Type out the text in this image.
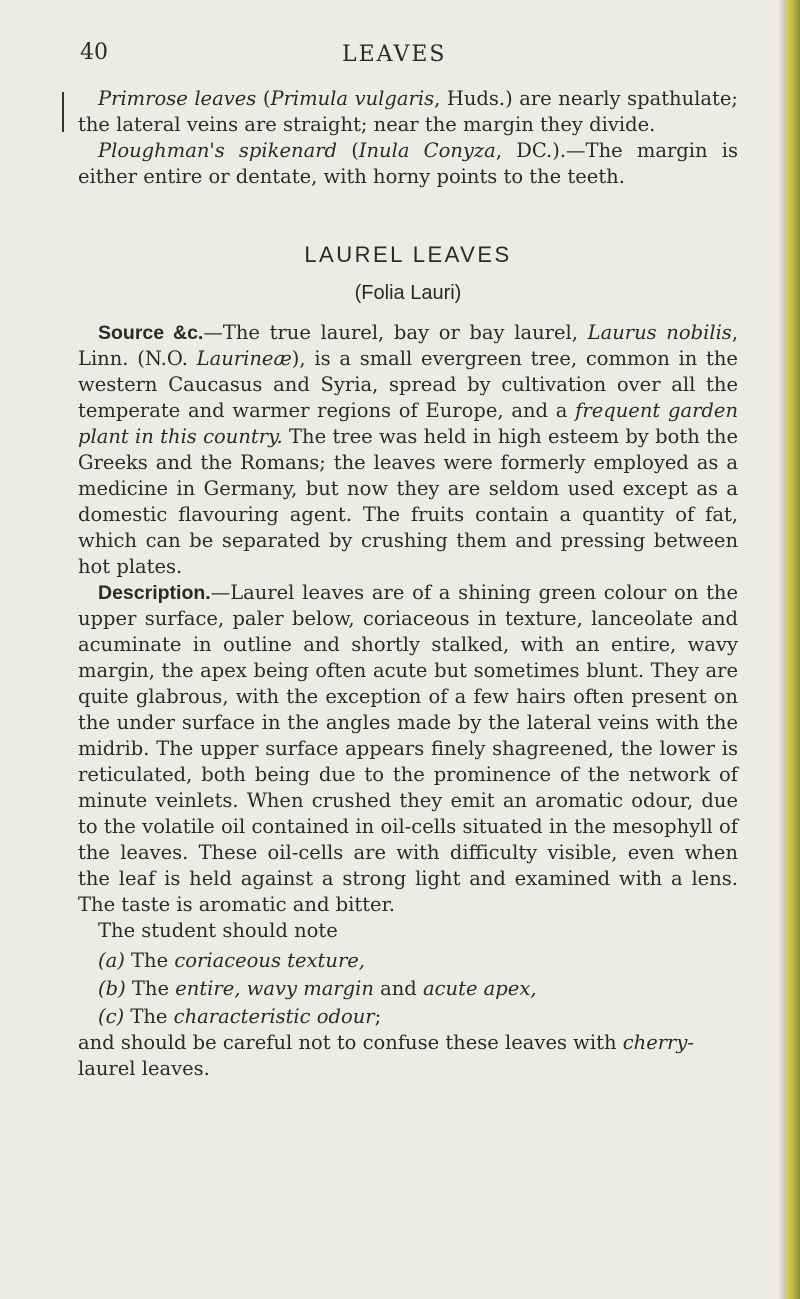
40	LEAVES

Primrose leaves (Primula vulgaris, Huds.) are nearly spathulate; the lateral veins are straight; near the margin they divide.

Ploughman's spikenard (Inula Conyza, DC.).—The margin is either entire or dentate, with horny points to the teeth.

LAUREL LEAVES
(Folia Lauri)

Source &c.—The true laurel, bay or bay laurel, Laurus nobilis, Linn. (N.O. Laurineæ), is a small evergreen tree, common in the western Caucasus and Syria, spread by cultivation over all the temperate and warmer regions of Europe, and a frequent garden plant in this country. The tree was held in high esteem by both the Greeks and the Romans; the leaves were formerly employed as a medicine in Germany, but now they are seldom used except as a domestic flavouring agent. The fruits contain a quantity of fat, which can be separated by crushing them and pressing between hot plates.

Description.—Laurel leaves are of a shining green colour on the upper surface, paler below, coriaceous in texture, lanceolate and acuminate in outline and shortly stalked, with an entire, wavy margin, the apex being often acute but sometimes blunt. They are quite glabrous, with the exception of a few hairs often present on the under surface in the angles made by the lateral veins with the midrib. The upper surface appears finely shagreened, the lower is reticulated, both being due to the prominence of the network of minute veinlets. When crushed they emit an aromatic odour, due to the volatile oil contained in oil-cells situated in the mesophyll of the leaves. These oil-cells are with difficulty visible, even when the leaf is held against a strong light and examined with a lens. The taste is aromatic and bitter.

The student should note

(a) The coriaceous texture,
(b) The entire, wavy margin and acute apex,
(c) The characteristic odour;

and should be careful not to confuse these leaves with cherry-
laurel leaves.
